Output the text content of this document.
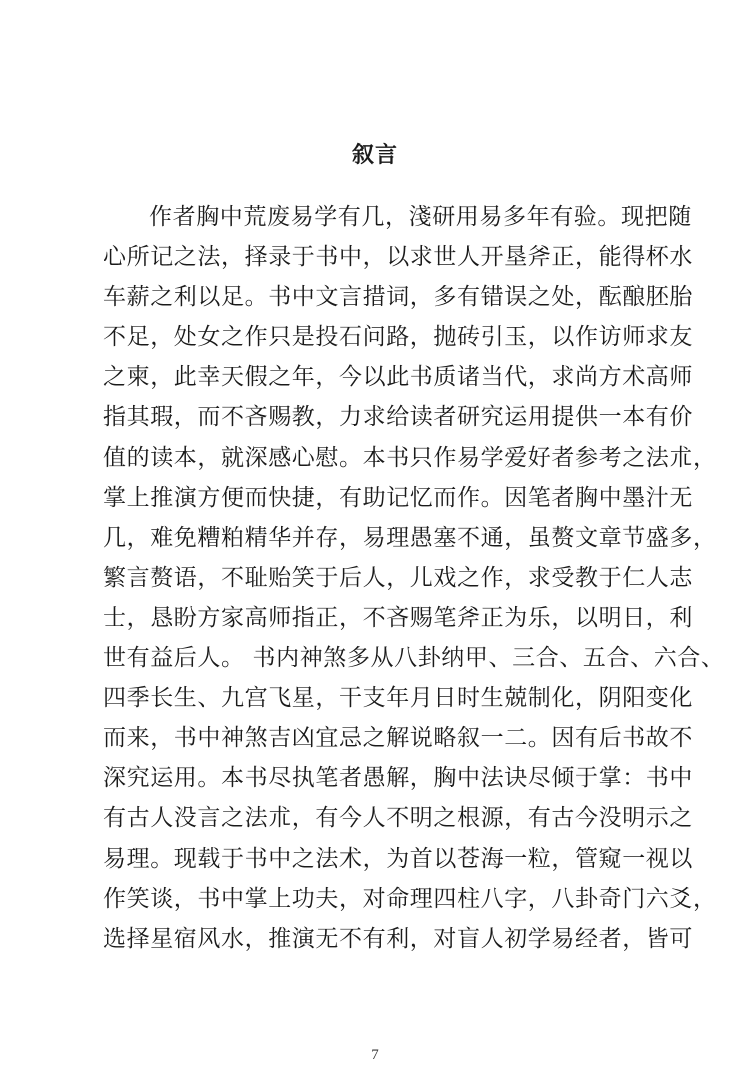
叙言
作者胸中荒废易学有几，淺研用易多年有验。现把随
心所记之法，择录于书中，以求世人开垦斧正，能得杯水
车薪之利以足。书中文言措词，多有错误之处，酝酿胚胎
不足，处女之作只是投石问路，抛砖引玉，以作访师求友
之柬，此幸天假之年，今以此书质诸当代，求尚方术高师
指其瑕，而不吝赐教，力求给读者研究运用提供一本有价
值的读本，就深感心慰。本书只作易学爱好者参考之法朮，
掌上推演方便而快捷，有助记忆而作。因笔者胸中墨汁无
几，难免糟粕精华并存，易理愚塞不通，虽赘文章节盛多，
繁言赘语，不耻贻笑于后人，儿戏之作，求受教于仁人志
士，恳盼方家高师指正，不吝赐笔斧正为乐，以明日，利
世有益后人。 书内神煞多从八卦纳甲、三合、五合、六合、
四季长生、九宫飞星，干支年月日时生兢制化，阴阳变化
而来，书中神煞吉凶宜忌之解说略叙一二。因有后书故不
深究运用。本书尽执笔者愚解，胸中法诀尽倾于掌：书中
有古人没言之法朮，有今人不明之根源，有古今没明示之
易理。现载于书中之法术，为首以苍海一粒，管窥一视以
作笑谈，书中掌上功夫，对命理四柱八字，八卦奇门六爻，
选择星宿风水，推演无不有利，对盲人初学易经者，皆可
7
